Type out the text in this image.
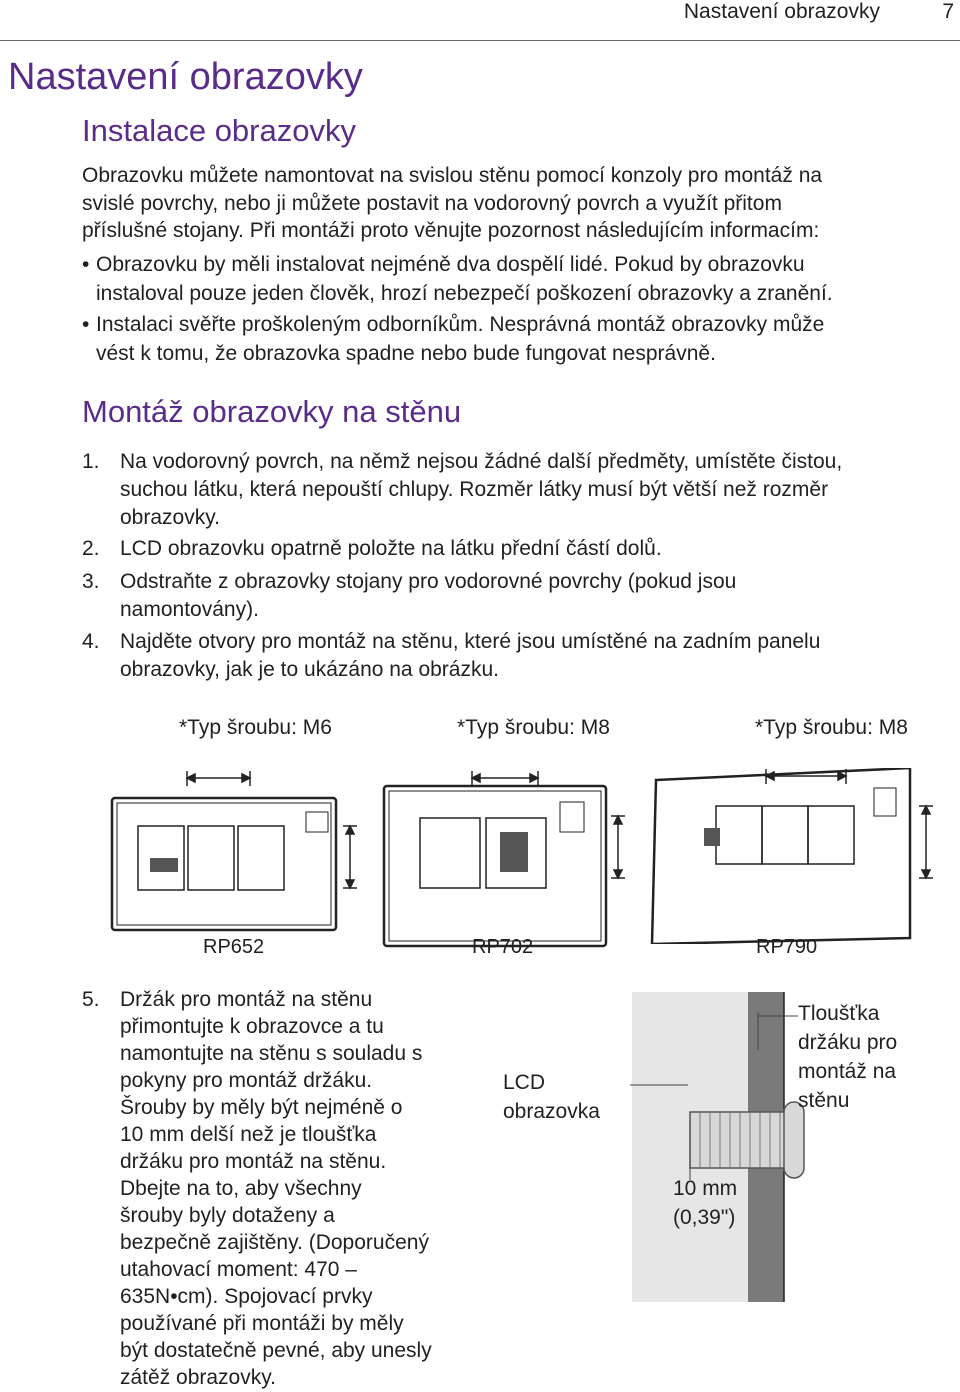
Nastavení obrazovky	7
Nastavení obrazovky
Instalace obrazovky
Obrazovku můžete namontovat na svislou stěnu pomocí konzoly pro montáž na
svislé povrchy, nebo ji můžete postavit na vodorovný povrch a využít přitom
příslušné stojany. Při montáži proto věnujte pozornost následujícím informacím:
• Obrazovku by měli instalovat nejméně dva dospělí lidé. Pokud by obrazovku
instaloval pouze jeden člověk, hrozí nebezpečí poškození obrazovky a zranění.
• Instalaci svěřte proškoleným odborníkům. Nesprávná montáž obrazovky může
vést k tomu, že obrazovka spadne nebo bude fungovat nesprávně.
Montáž obrazovky na stěnu
1. Na vodorovný povrch, na němž nejsou žádné další předměty, umístěte čistou,
suchou látku, která nepouští chlupy. Rozměr látky musí být větší než rozměr
obrazovky.
2. LCD obrazovku opatrně položte na látku přední částí dolů.
3. Odstraňte z obrazovky stojany pro vodorovné povrchy (pokud jsou
namontovány).
4. Najděte otvory pro montáž na stěnu, které jsou umístěné na zadním panelu
obrazovky, jak je to ukázáno na obrázku.
*Typ šroubu: M6	*Typ šroubu: M8	*Typ šroubu: M8
RP652	RP702	RP790
5. Držák pro montáž na stěnu
přimontujte k obrazovce a tu
namontujte na stěnu s souladu s
pokyny pro montáž držáku.
Šrouby by měly být nejméně o
10 mm delší než je tloušťka
držáku pro montáž na stěnu.
Dbejte na to, aby všechny
šrouby byly dotaženy a
bezpečně zajištěny. (Doporučený
utahovací moment: 470 –
635N•cm). Spojovací prvky
používané při montáži by měly
být dostatečně pevné, aby unesly
zátěž obrazovky.
LCD
obrazovka
Tloušťka
držáku pro
montáž na
stěnu
10 mm
(0,39")
